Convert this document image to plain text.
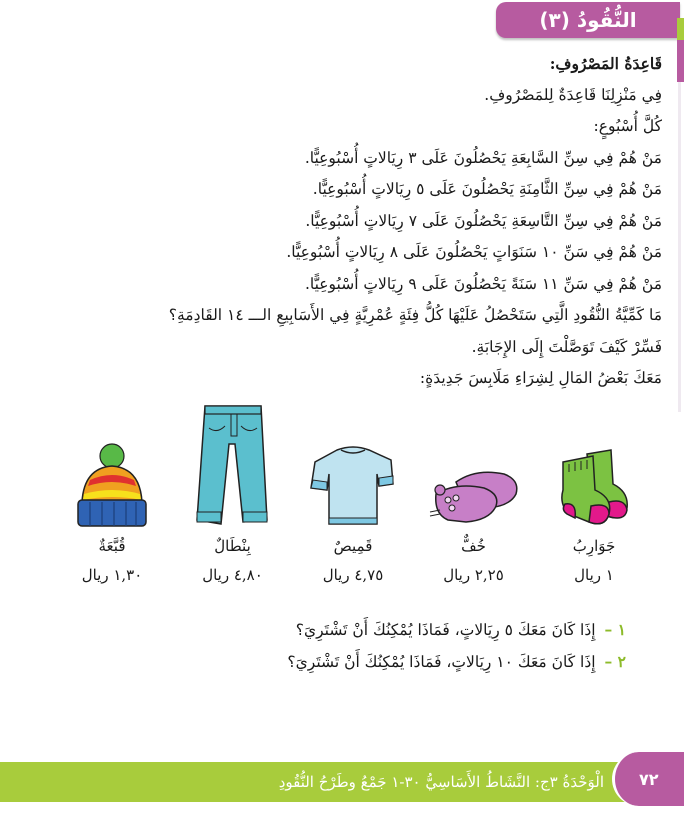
النُّقُودُ (٣)
قَاعِدَةُ المَصْرُوفِ:
فِي مَنْزِلِنَا قَاعِدَةٌ لِلمَصْرُوفِ.
كُلَّ أُسْبُوعٍ:
مَنْ هُمْ فِي سِنِّ السَّابِعَةِ يَحْصُلُونَ عَلَى ٣ رِيَالاتٍ أُسْبُوعِيًّا.
مَنْ هُمْ فِي سِنِّ الثَّامِنَةِ يَحْصُلُونَ عَلَى ٥ رِيَالاتٍ أُسْبُوعِيًّا.
مَنْ هُمْ فِي سِنِّ التَّاسِعَةِ يَحْصُلُونَ عَلَى ٧ رِيَالاتٍ أُسْبُوعِيًّا.
مَنْ هُمْ فِي سَنِّ ١٠ سَنَوَاتٍ يَحْصُلُونَ عَلَى ٨ رِيَالاتٍ أُسْبُوعِيًّا.
مَنْ هُمْ فِي سَنِّ ١١ سَنَةً يَحْصُلُونَ عَلَى ٩ رِيَالاتٍ أُسْبُوعِيًّا.
مَا كَمِّيَّةُ النُّقُودِ الَّتِي سَتَحْصُلُ عَلَيْهَا كُلُّ فِئَةٍ عُمْرِيَّةٍ فِي الأَسَابِيعِ الـــ ١٤ القَادِمَةِ؟
فَسِّرْ كَيْفَ تَوَصَّلْتَ إِلَى الإِجَابَةِ.
مَعَكَ بَعْضُ المَالِ لِشِرَاءِ مَلَابِسَ جَدِيدَةٍ:
جَوَارِبُ
١ ريال
خُفٌّ
٢,٢٥ ريال
قَمِيصٌ
٤,٧٥ ريال
بِنْطَالٌ
٤,٨٠ ريال
قُبَّعَةٌ
١,٣٠ ريال
١ – إِذَا كَانَ مَعَكَ ٥ رِيَالاتٍ، فَمَاذَا يُمْكِنُكَ أَنْ تَشْتَرِيَ؟
٢ – إِذَا كَانَ مَعَكَ ١٠ رِيَالاتٍ، فَمَاذَا يُمْكِنُكَ أَنْ تَشْتَرِيَ؟
الْوَحْدَةُ ٣ج: النَّشَاطُ الأَسَاسِيُّ ٣٠-١ جَمْعُ وطَرْحُ النُّقُودِ ٧٢
